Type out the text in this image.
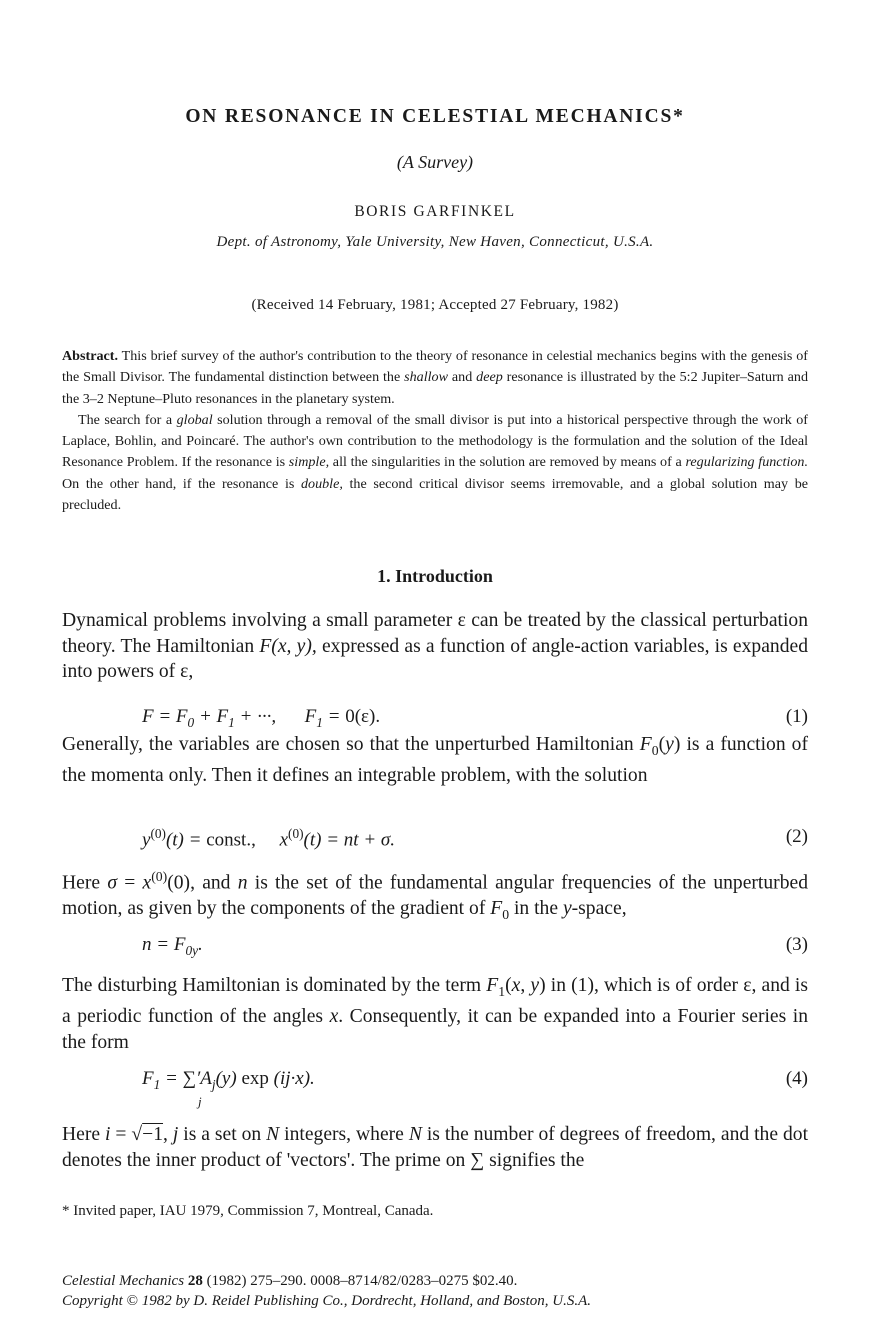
ON RESONANCE IN CELESTIAL MECHANICS*
(A Survey)
BORIS GARFINKEL
Dept. of Astronomy, Yale University, New Haven, Connecticut, U.S.A.
(Received 14 February, 1981; Accepted 27 February, 1982)

Abstract. This brief survey of the author's contribution to the theory of resonance in celestial mechanics begins with the genesis of the Small Divisor. The fundamental distinction between the shallow and deep resonance is illustrated by the 5:2 Jupiter–Saturn and the 3–2 Neptune–Pluto resonances in the planetary system.

The search for a global solution through a removal of the small divisor is put into a historical perspective through the work of Laplace, Bohlin, and Poincaré. The author's own contribution to the methodology is the formulation and the solution of the Ideal Resonance Problem. If the resonance is simple, all the singularities in the solution are removed by means of a regularizing function. On the other hand, if the resonance is double, the second critical divisor seems irremovable, and a global solution may be precluded.

1. Introduction

Dynamical problems involving a small parameter ε can be treated by the classical perturbation theory. The Hamiltonian F(x, y), expressed as a function of angle-action variables, is expanded into powers of ε,

$F = F_0 + F_1$ + ···,      $F_1 = 0(\varepsilon)$.	(1)

Generally, the variables are chosen so that the unperturbed Hamiltonian $F_0(y)$ is a function of the momenta only. Then it defines an integrable problem, with the solution

$y^{(0)}(t)$ = const.,     $x^{(0)}(t)$ = nt + σ.	(2)

Here $\sigma = x^{(0)}(0)$, and n is the set of the fundamental angular frequencies of the unperturbed motion, as given by the components of the gradient of $F_0$ in the y-space,

$n = F_{0y}$.	(3)

The disturbing Hamiltonian is dominated by the term $F_1(x$, y) in (1), which is of order ε, and is a periodic function of the angles x. Consequently, it can be expanded into a Fourier series in the form

$F_1 = \sum'A_j(y)$ exp (ij·x).
j
(4)

Here i = √−1, j is a set on N integers, where N is the number of degrees of freedom, and the dot denotes the inner product of 'vectors'. The prime on ∑ signifies the

* Invited paper, IAU 1979, Commission 7, Montreal, Canada.
Celestial Mechanics 28 (1982) 275–290. 0008–8714/82/0283–0275 $02.40.
Copyright © 1982 by D. Reidel Publishing Co., Dordrecht, Holland, and Boston, U.S.A.
